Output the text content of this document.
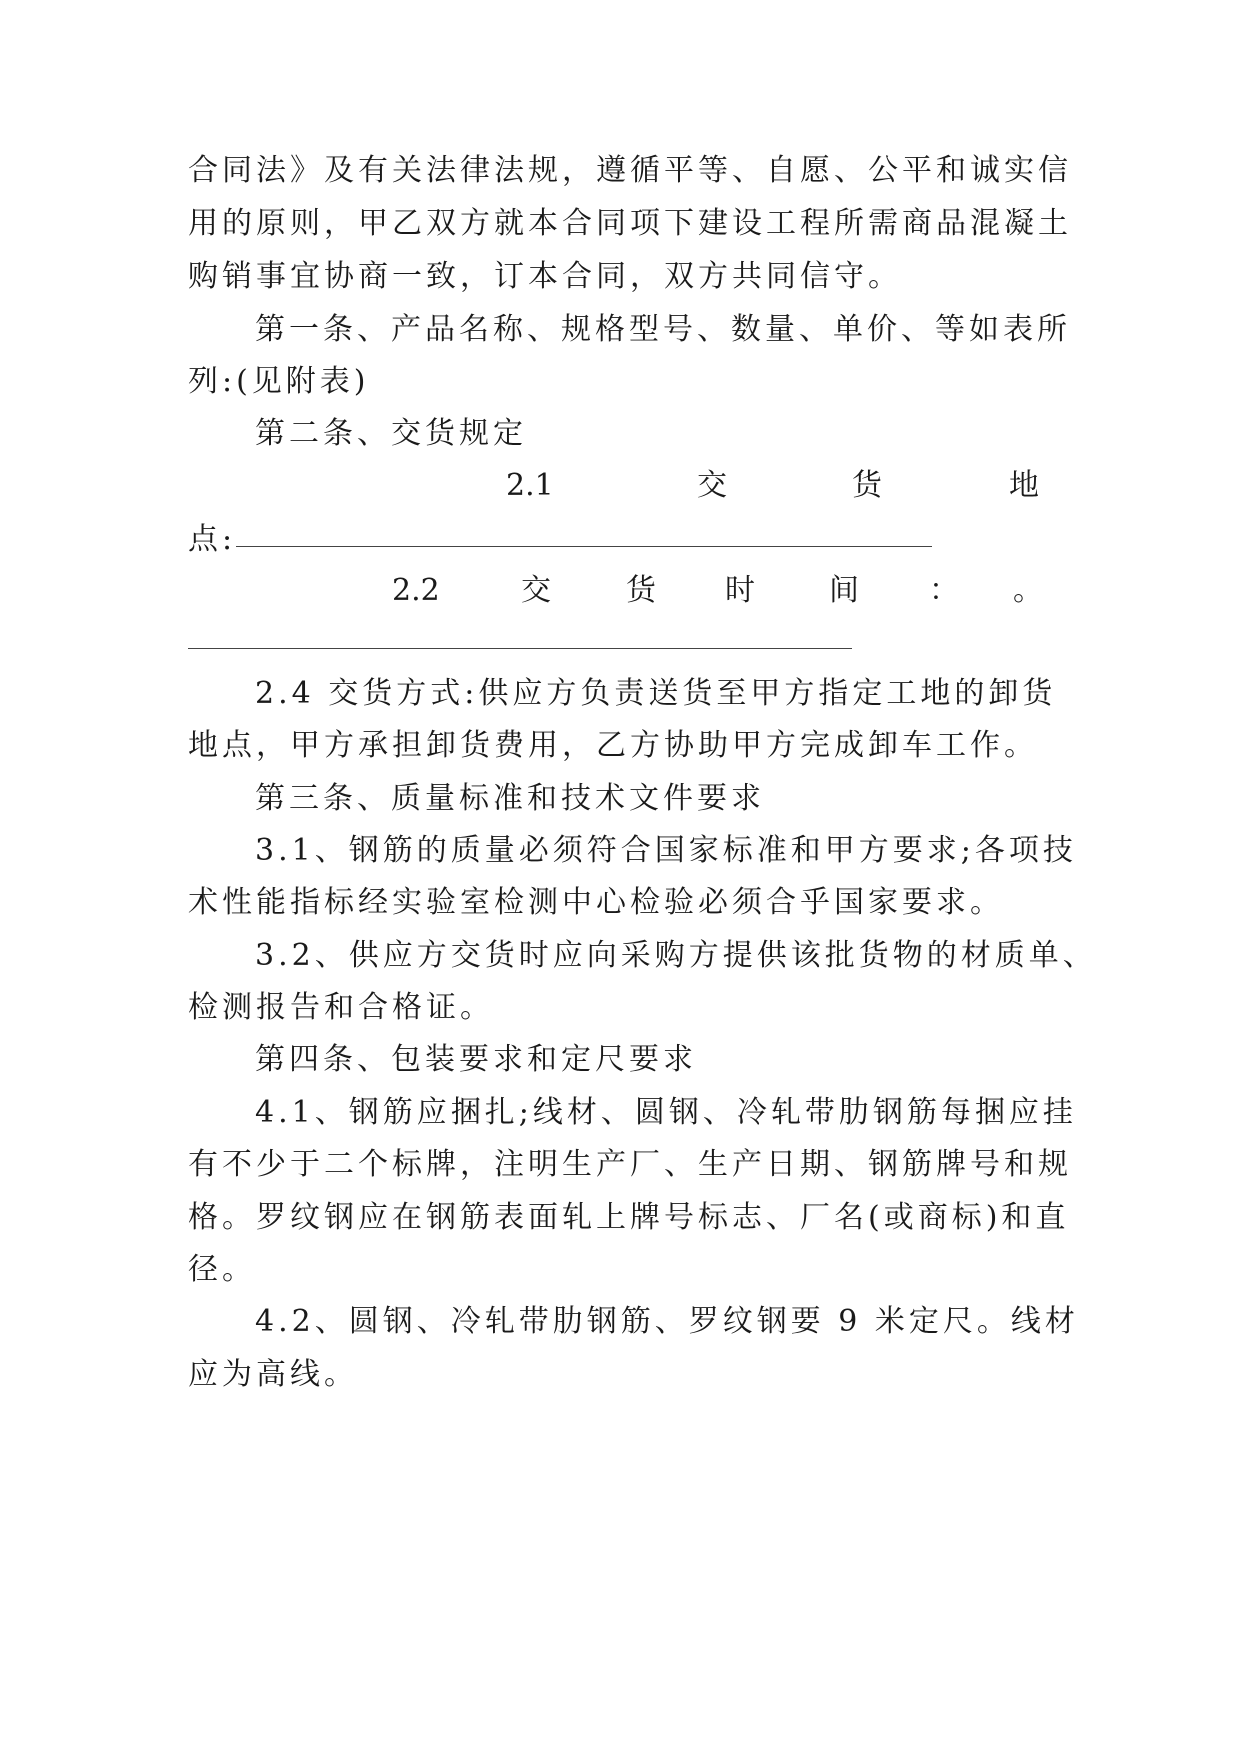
合同法》及有关法律法规，遵循平等、自愿、公平和诚实信
用的原则，甲乙双方就本合同项下建设工程所需商品混凝土
购销事宜协商一致，订本合同，双方共同信守。
第一条、产品名称、规格型号、数量、单价、等如表所
列:(见附表)
第二条、交货规定
2.1	交	货	地
点:
2.2	交	货 时 间 ： 。
2.4 交货方式:供应方负责送货至甲方指定工地的卸货
地点，甲方承担卸货费用，乙方协助甲方完成卸车工作。
第三条、质量标准和技术文件要求
3.1、钢筋的质量必须符合国家标准和甲方要求;各项技
术性能指标经实验室检测中心检验必须合乎国家要求。
3.2、供应方交货时应向采购方提供该批货物的材质单、
检测报告和合格证。
第四条、包装要求和定尺要求
4.1、钢筋应捆扎;线材、圆钢、冷轧带肋钢筋每捆应挂
有不少于二个标牌，注明生产厂、生产日期、钢筋牌号和规
格。罗纹钢应在钢筋表面轧上牌号标志、厂名(或商标)和直
径。
4.2、圆钢、冷轧带肋钢筋、罗纹钢要 9 米定尺。线材
应为高线。
